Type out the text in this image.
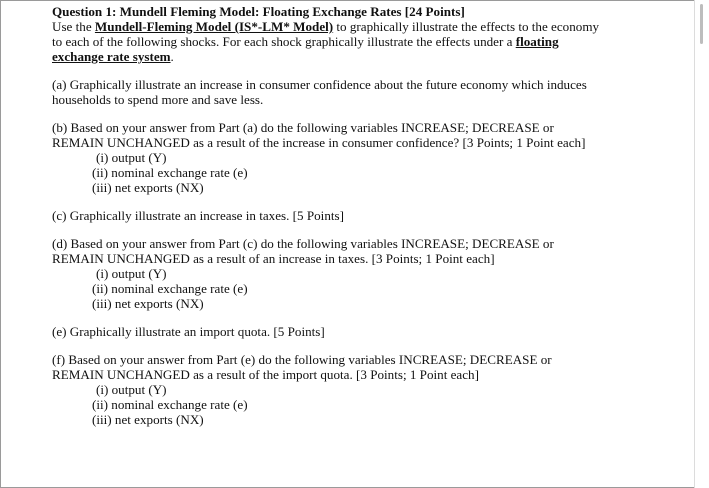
Question 1: Mundell Fleming Model: Floating Exchange Rates [24 Points]
Use the Mundell-Fleming Model (IS*-LM* Model) to graphically illustrate the effects to the economy
to each of the following shocks. For each shock graphically illustrate the effects under a floating
exchange rate system.
(a) Graphically illustrate an increase in consumer confidence about the future economy which induces
households to spend more and save less.
(b) Based on your answer from Part (a) do the following variables INCREASE; DECREASE or
REMAIN UNCHANGED as a result of the increase in consumer confidence? [3 Points; 1 Point each]
(i) output (Y)
(ii) nominal exchange rate (e)
(iii) net exports (NX)
(c) Graphically illustrate an increase in taxes. [5 Points]
(d) Based on your answer from Part (c) do the following variables INCREASE; DECREASE or
REMAIN UNCHANGED as a result of an increase in taxes. [3 Points; 1 Point each]
(i) output (Y)
(ii) nominal exchange rate (e)
(iii) net exports (NX)
(e) Graphically illustrate an import quota. [5 Points]
(f) Based on your answer from Part (e) do the following variables INCREASE; DECREASE or
REMAIN UNCHANGED as a result of the import quota. [3 Points; 1 Point each]
(i) output (Y)
(ii) nominal exchange rate (e)
(iii) net exports (NX)
